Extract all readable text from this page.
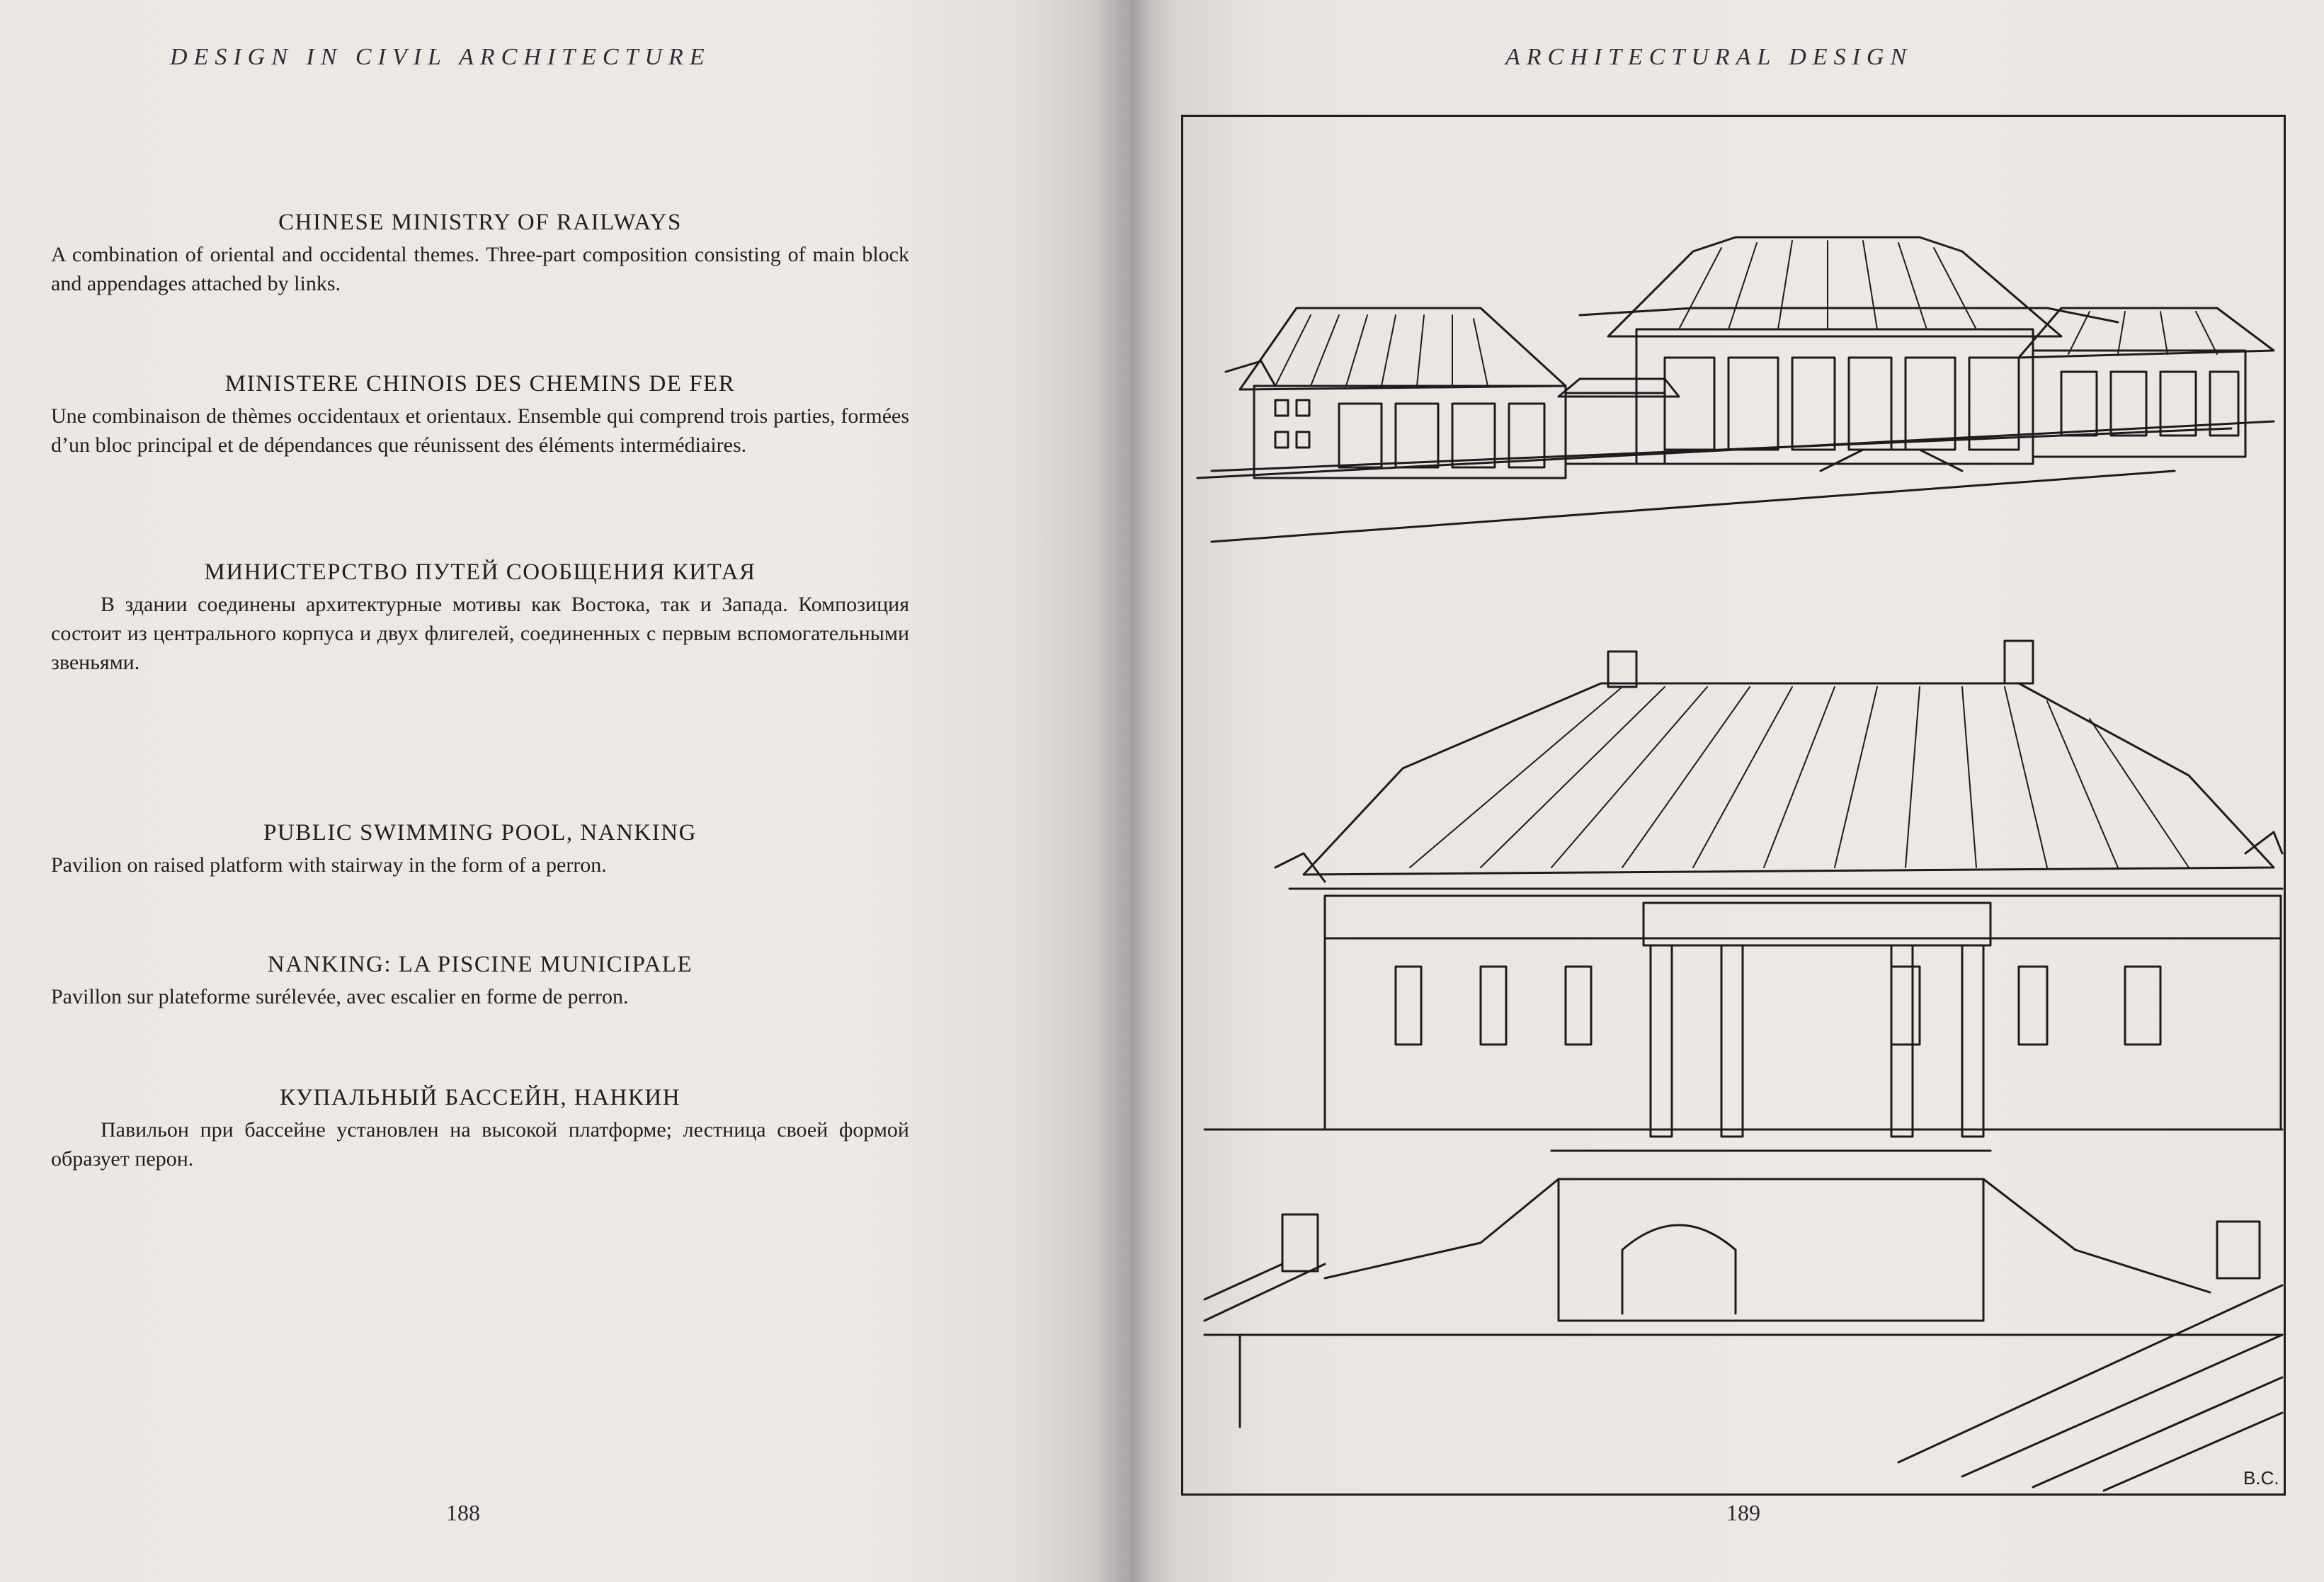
DESIGN IN CIVIL ARCHITECTURE	ARCHITECTURAL DESIGN

CHINESE MINISTRY OF RAILWAYS

A combination of oriental and occidental themes. Three-part composition consisting of main block and appendages attached by links.

MINISTERE CHINOIS DES CHEMINS DE FER

Une combinaison de thèmes occidentaux et orientaux. Ensemble qui comprend trois parties, formées d’un bloc principal et de dépendances que réunissent des éléments intermédiaires.

МИНИСТЕРСТВО ПУТЕЙ СООБЩЕНИЯ КИТАЯ

В здании соединены архитектурные мотивы как Востока, так и Запада. Композиция состоит из центрального корпуса и двух флигелей, соединенных с первым вспомогательными звеньями.

PUBLIC SWIMMING POOL, NANKING

Pavilion on raised platform with stairway in the form of a perron.

NANKING: LA PISCINE MUNICIPALE

Pavillon sur plateforme surélevée, avec escalier en forme de perron.

КУПАЛЬНЫЙ БАССЕЙН, НАНКИН

Павильон при бассейне установлен на высокой платформе; лестница своей формой образует перон.

188	189
B.C.
